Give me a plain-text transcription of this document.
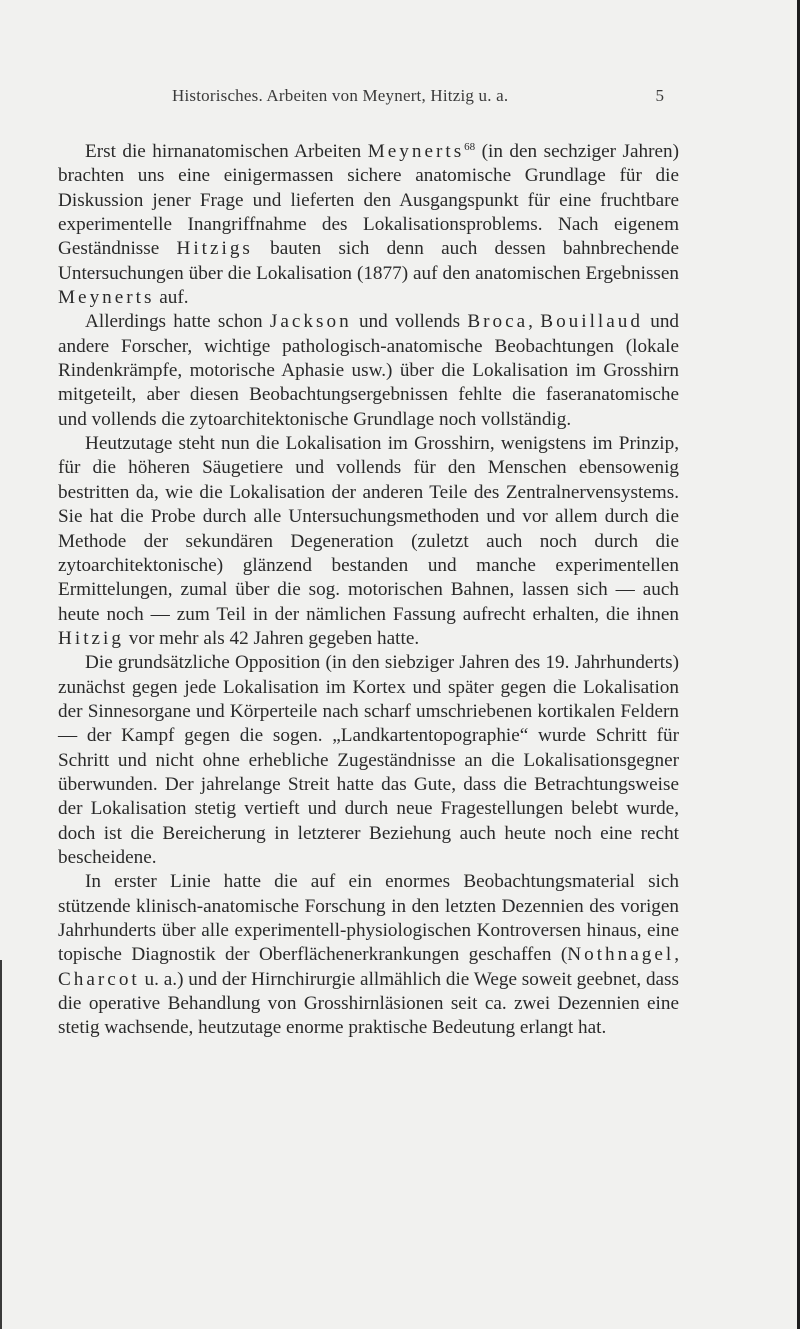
Historisches. Arbeiten von Meynert, Hitzig u. a.	5

Erst die hirnanatomischen Arbeiten Meynerts$^{68}$ (in den sechziger Jahren) brachten uns eine einigermassen sichere anatomische Grundlage für die Diskussion jener Frage und lieferten den Ausgangspunkt für eine fruchtbare experimentelle Inangriffnahme des Lokalisationsproblems. Nach eigenem Geständnisse Hitzigs bauten sich denn auch dessen bahnbrechende Untersuchungen über die Lokalisation (1877) auf den anatomischen Ergebnissen Meynerts auf.

Allerdings hatte schon Jackson und vollends Broca, Bouillaud und andere Forscher, wichtige pathologisch-anatomische Beobachtungen (lokale Rindenkrämpfe, motorische Aphasie usw.) über die Lokalisation im Grosshirn mitgeteilt, aber diesen Beobachtungsergebnissen fehlte die faseranatomische und vollends die zytoarchitektonische Grundlage noch vollständig.

Heutzutage steht nun die Lokalisation im Grosshirn, wenigstens im Prinzip, für die höheren Säugetiere und vollends für den Menschen ebensowenig bestritten da, wie die Lokalisation der anderen Teile des Zentralnervensystems. Sie hat die Probe durch alle Untersuchungsmethoden und vor allem durch die Methode der sekundären Degeneration (zuletzt auch noch durch die zytoarchitektonische) glänzend bestanden und manche experimentellen Ermittelungen, zumal über die sog. motorischen Bahnen, lassen sich — auch heute noch — zum Teil in der nämlichen Fassung aufrecht erhalten, die ihnen Hitzig vor mehr als 42 Jahren gegeben hatte.

Die grundsätzliche Opposition (in den siebziger Jahren des 19. Jahrhunderts) zunächst gegen jede Lokalisation im Kortex und später gegen die Lokalisation der Sinnesorgane und Körperteile nach scharf umschriebenen kortikalen Feldern — der Kampf gegen die sogen. „Landkartentopographie“ wurde Schritt für Schritt und nicht ohne erhebliche Zugeständnisse an die Lokalisationsgegner überwunden. Der jahrelange Streit hatte das Gute, dass die Betrachtungsweise der Lokalisation stetig vertieft und durch neue Fragestellungen belebt wurde, doch ist die Bereicherung in letzterer Beziehung auch heute noch eine recht bescheidene.

In erster Linie hatte die auf ein enormes Beobachtungsmaterial sich stützende klinisch-anatomische Forschung in den letzten Dezennien des vorigen Jahrhunderts über alle experimentell-physiologischen Kontroversen hinaus, eine topische Diagnostik der Oberflächenerkrankungen geschaffen (Nothnagel, Charcot u. a.) und der Hirnchirurgie allmählich die Wege soweit geebnet, dass die operative Behandlung von Grosshirnläsionen seit ca. zwei Dezennien eine stetig wachsende, heutzutage enorme praktische Bedeutung erlangt hat.
